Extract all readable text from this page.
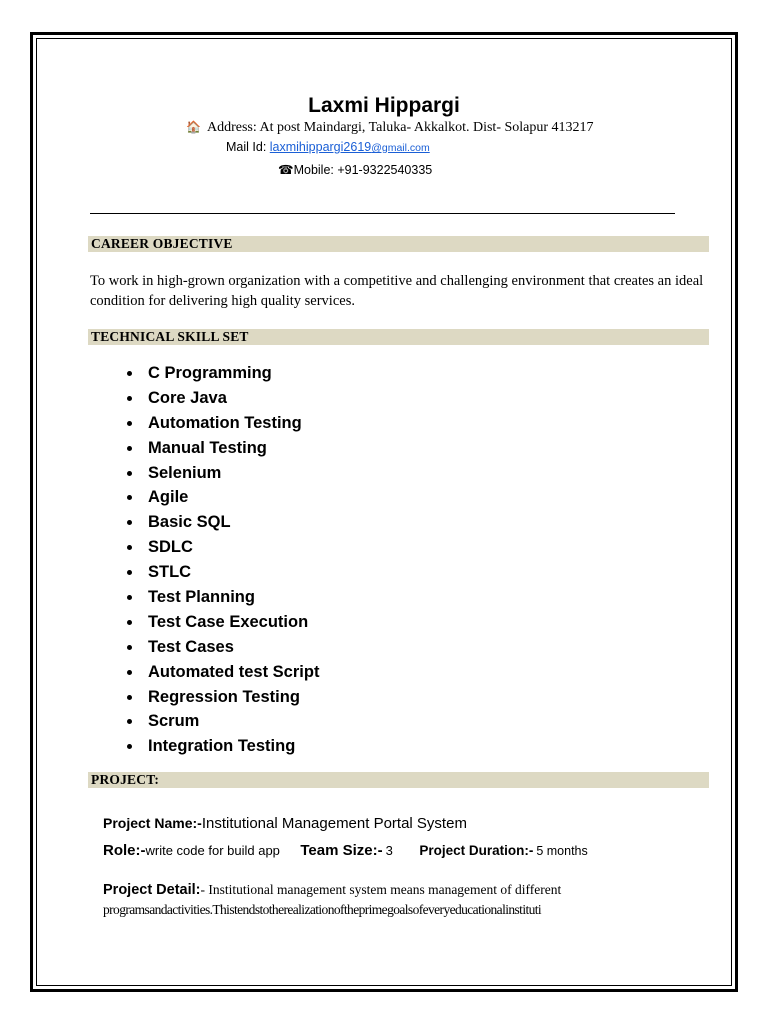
Laxmi Hippargi
🏠 Address: At post Maindargi, Taluka- Akkalkot. Dist- Solapur 413217
Mail Id: laxmihippargi2619@gmail.com
☎Mobile: +91-9322540335
CAREER OBJECTIVE
To work in high-grown organization with a competitive and challenging environment that creates an ideal condition for delivering high quality services.
TECHNICAL SKILL SET
C Programming
Core Java
Automation Testing
Manual Testing
Selenium
Agile
Basic SQL
SDLC
STLC
Test Planning
Test Case Execution
Test Cases
Automated test Script
Regression Testing
Scrum
Integration Testing
PROJECT:
Project Name:-Institutional Management Portal System
Role:-write code for build app Team Size:- 3 Project Duration:- 5 months
Project Detail:- Institutional management system means management of different
programsandactivities.Thistendstotherealizationoftheprimegoalsofeveryeducationalinstituti
